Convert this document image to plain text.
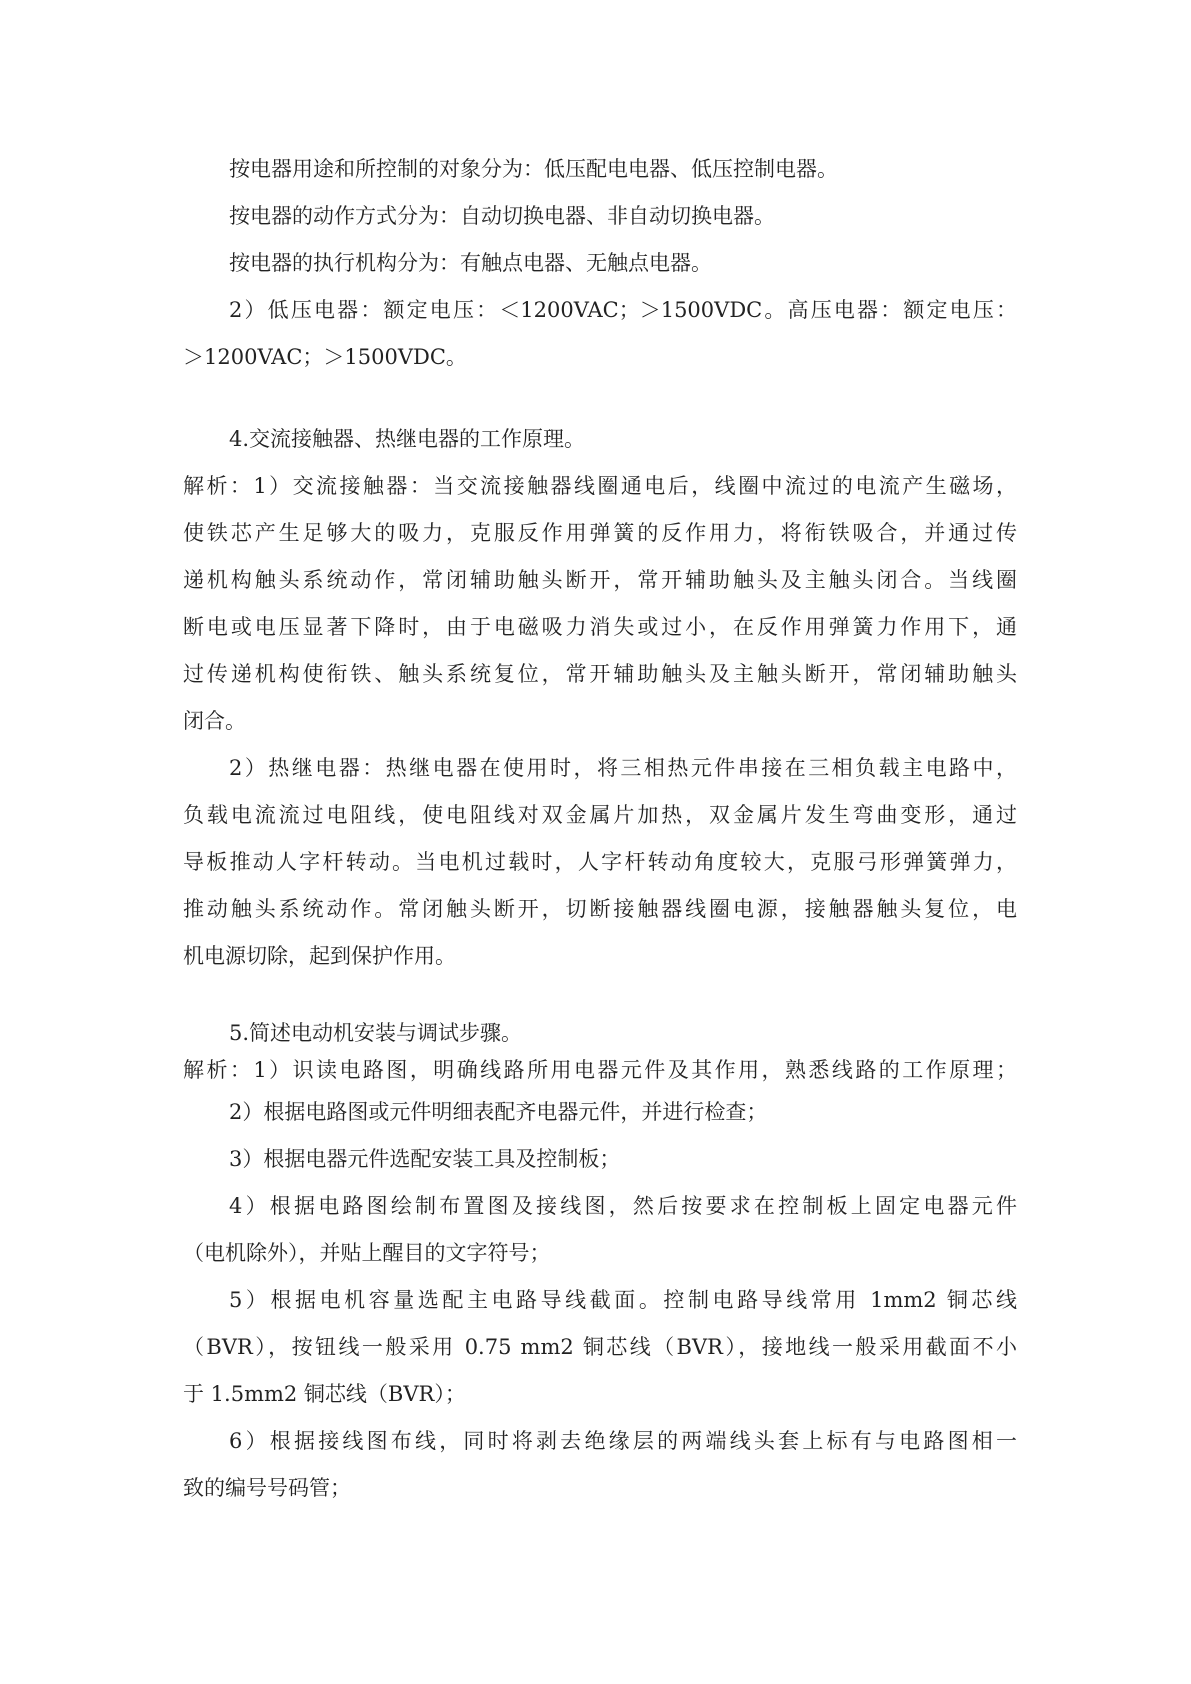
按电器用途和所控制的对象分为：低压配电电器、低压控制电器。
按电器的动作方式分为：自动切换电器、非自动切换电器。
按电器的执行机构分为：有触点电器、无触点电器。
2）低压电器：额定电压：＜1200VAC；＞1500VDC。高压电器：额定电压：
＞1200VAC；＞1500VDC。
4.交流接触器、热继电器的工作原理。
解析：1）交流接触器：当交流接触器线圈通电后，线圈中流过的电流产生磁场，
使铁芯产生足够大的吸力，克服反作用弹簧的反作用力，将衔铁吸合，并通过传
递机构触头系统动作，常闭辅助触头断开，常开辅助触头及主触头闭合。当线圈
断电或电压显著下降时，由于电磁吸力消失或过小，在反作用弹簧力作用下，通
过传递机构使衔铁、触头系统复位，常开辅助触头及主触头断开，常闭辅助触头
闭合。
2）热继电器：热继电器在使用时，将三相热元件串接在三相负载主电路中，
负载电流流过电阻线，使电阻线对双金属片加热，双金属片发生弯曲变形，通过
导板推动人字杆转动。当电机过载时，人字杆转动角度较大，克服弓形弹簧弹力，
推动触头系统动作。常闭触头断开，切断接触器线圈电源，接触器触头复位，电
机电源切除，起到保护作用。
5.简述电动机安装与调试步骤。
解析：1）识读电路图，明确线路所用电器元件及其作用，熟悉线路的工作原理；
2）根据电路图或元件明细表配齐电器元件，并进行检查；
3）根据电器元件选配安装工具及控制板；
4）根据电路图绘制布置图及接线图，然后按要求在控制板上固定电器元件
（电机除外），并贴上醒目的文字符号；
5）根据电机容量选配主电路导线截面。控制电路导线常用 1mm2 铜芯线
（BVR），按钮线一般采用 0.75 mm2 铜芯线（BVR），接地线一般采用截面不小
于 1.5mm2 铜芯线（BVR）；
6）根据接线图布线，同时将剥去绝缘层的两端线头套上标有与电路图相一
致的编号号码管；
